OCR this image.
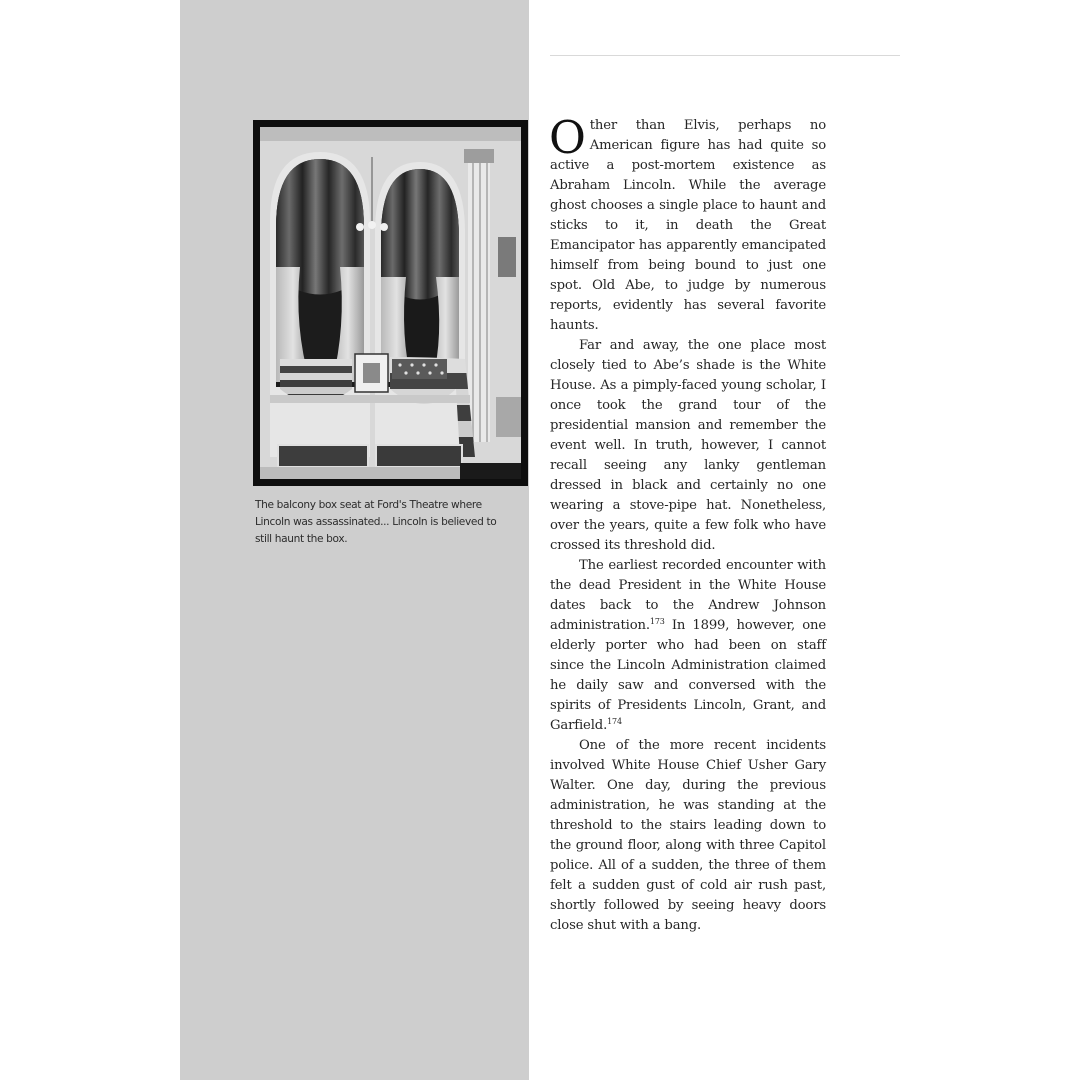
The balcony box seat at Ford's Theatre where Lincoln was assassinated... Lincoln is believed to still haunt the box.

Other than Elvis, perhaps no American figure has had quite so active a post-mortem existence as Abraham Lincoln. While the average ghost chooses a single place to haunt and sticks to it, in death the Great Emancipator has apparently emancipated himself from being bound to just one spot. Old Abe, to judge by numerous reports, evidently has several favorite haunts.

Far and away, the one place most closely tied to Abe’s shade is the White House. As a pimply-faced young scholar, I once took the grand tour of the presidential mansion and remember the event well. In truth, however, I cannot recall seeing any lanky gentleman dressed in black and certainly no one wearing a stove-pipe hat. Nonetheless, over the years, quite a few folk who have crossed its threshold did.

The earliest recorded encounter with the dead President in the White House dates back to the Andrew Johnson administration.$^{173}$ In 1899, however, one elderly porter who had been on staff since the Lincoln Administration claimed he daily saw and conversed with the spirits of Presidents Lincoln, Grant, and Garfield.$^{174}$

One of the more recent incidents involved White House Chief Usher Gary Walter. One day, during the previous administration, he was standing at the threshold to the stairs leading down to the ground floor, along with three Capitol police. All of a sudden, the three of them felt a sudden gust of cold air rush past, shortly followed by seeing heavy doors close shut with a bang.
